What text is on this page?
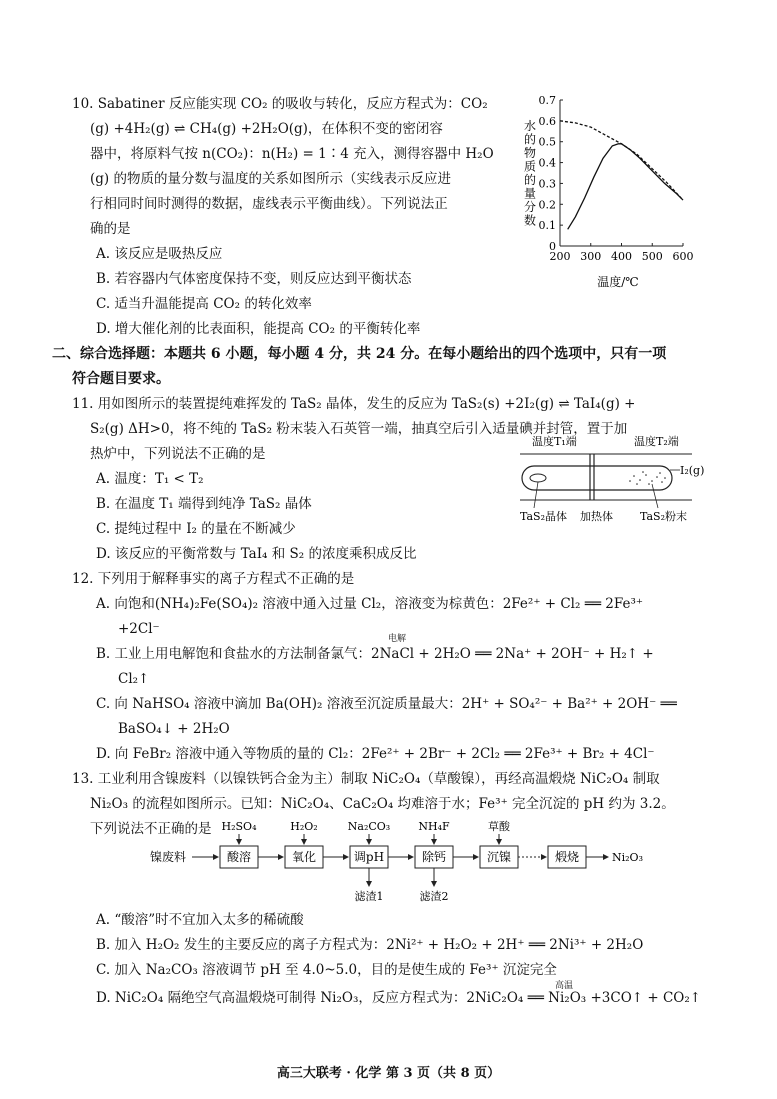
10. Sabatiner 反应能实现 CO₂ 的吸收与转化，反应方程式为：CO₂
(g) +4H₂(g) ⇌ CH₄(g) +2H₂O(g)，在体积不变的密闭容
器中，将原料气按 n(CO₂)：n(H₂) = 1∶4 充入，测得容器中 H₂O
(g) 的物质的量分数与温度的关系如图所示（实线表示反应进
行相同时间时测得的数据，虚线表示平衡曲线）。下列说法正
确的是
A. 该反应是吸热反应
B. 若容器内气体密度保持不变，则反应达到平衡状态
C. 适当升温能提高 CO₂ 的转化效率
D. 增大催化剂的比表面积，能提高 CO₂ 的平衡转化率
水
的
物
质
的
量
分
数
0
0.1
0.2
0.3
0.4
0.5
0.6
0.7
200 300 400 500 600
温度/℃
二、综合选择题：本题共 6 小题，每小题 4 分，共 24 分。在每小题给出的四个选项中，只有一项
符合题目要求。
11. 用如图所示的装置提纯难挥发的 TaS₂ 晶体，发生的反应为 TaS₂(s) +2I₂(g) ⇌ TaI₄(g) +
S₂(g) ΔH>0，将不纯的 TaS₂ 粉末装入石英管一端，抽真空后引入适量碘并封管，置于加
热炉中，下列说法不正确的是
A. 温度：T₁ < T₂
B. 在温度 T₁ 端得到纯净 TaS₂ 晶体
C. 提纯过程中 I₂ 的量在不断减少
D. 该反应的平衡常数与 TaI₄ 和 S₂ 的浓度乘积成反比
温度T₁端	温度T₂端
I₂(g)
TaS₂晶体 加热体 TaS₂粉末
12. 下列用于解释事实的离子方程式不正确的是
A. 向饱和(NH₄)₂Fe(SO₄)₂ 溶液中通入过量 Cl₂，溶液变为棕黄色：2Fe²⁺ + Cl₂ ══ 2Fe³⁺
+2Cl⁻
电解
B. 工业上用电解饱和食盐水的方法制备氯气：2NaCl + 2H₂O ══ 2Na⁺ + 2OH⁻ + H₂↑ +
Cl₂↑
C. 向 NaHSO₄ 溶液中滴加 Ba(OH)₂ 溶液至沉淀质量最大：2H⁺ + SO₄²⁻ + Ba²⁺ + 2OH⁻ ══
BaSO₄↓ + 2H₂O
D. 向 FeBr₂ 溶液中通入等物质的量的 Cl₂：2Fe²⁺ + 2Br⁻ + 2Cl₂ ══ 2Fe³⁺ + Br₂ + 4Cl⁻
13. 工业利用含镍废料（以镍铁钙合金为主）制取 NiC₂O₄（草酸镍），再经高温煅烧 NiC₂O₄ 制取
Ni₂O₃ 的流程如图所示。已知：NiC₂O₄、CaC₂O₄ 均难溶于水；Fe³⁺ 完全沉淀的 pH 约为 3.2。
下列说法不正确的是
镍废料	酸溶
H₂SO₄
氧化
H₂O₂
调pH
Na₂CO₃
除钙
NH₄F
沉镍
草酸
煅烧
滤渣1	滤渣2
Ni₂O₃
A. “酸溶”时不宜加入太多的稀硫酸
B. 加入 H₂O₂ 发生的主要反应的离子方程式为：2Ni²⁺ + H₂O₂ + 2H⁺ ══ 2Ni³⁺ + 2H₂O
C. 加入 Na₂CO₃ 溶液调节 pH 至 4.0~5.0，目的是使生成的 Fe³⁺ 沉淀完全
高温
D. NiC₂O₄ 隔绝空气高温煅烧可制得 Ni₂O₃，反应方程式为：2NiC₂O₄ ══ Ni₂O₃ +3CO↑ + CO₂↑
高三大联考 · 化学 第 3 页（共 8 页）
